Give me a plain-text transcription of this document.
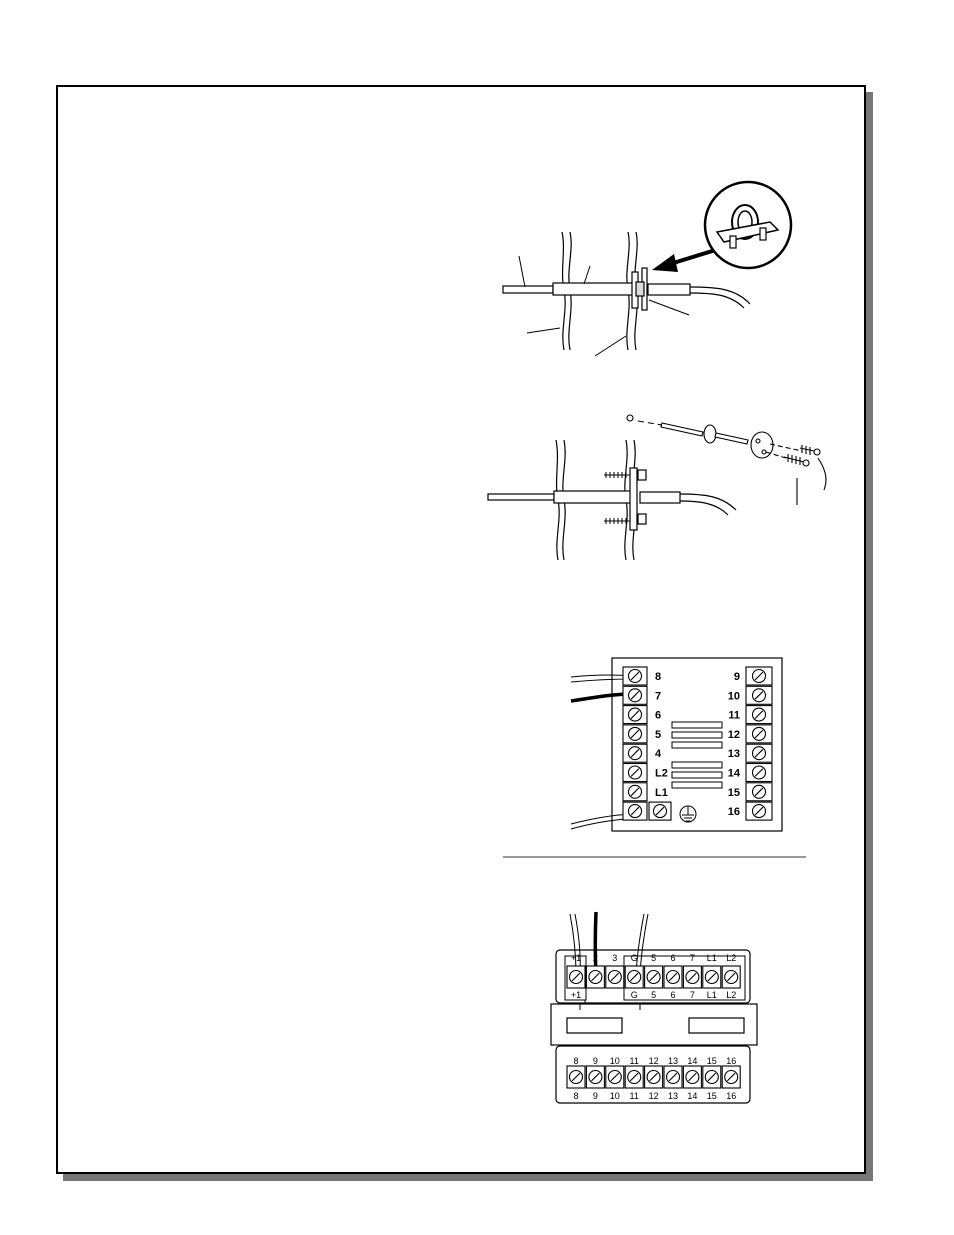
8
7
6
5
4
L2
L1
9
10
11
12
13
14
15
16
+1 2 3 G 5 6 7 L1 L2
+1	G 5 6 7 L1 L2
8
8
9
9
10
10
11
11
12
12
13
13
14
14
15
15
16
16
